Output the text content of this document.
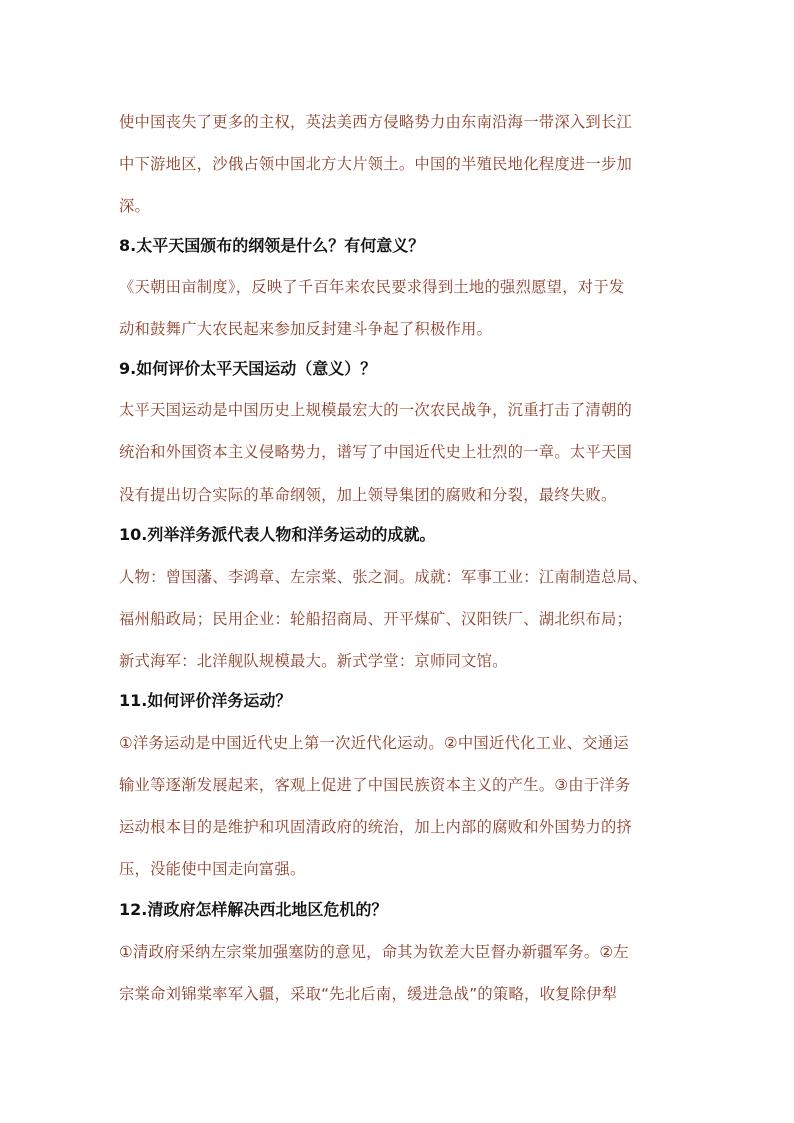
使中国丧失了更多的主权，英法美西方侵略势力由东南沿海一带深入到长江
中下游地区，沙俄占领中国北方大片领土。中国的半殖民地化程度进一步加
深。
8.太平天国颁布的纲领是什么？有何意义？
《天朝田亩制度》，反映了千百年来农民要求得到土地的强烈愿望，对于发
动和鼓舞广大农民起来参加反封建斗争起了积极作用。
9.如何评价太平天国运动（意义）？
太平天国运动是中国历史上规模最宏大的一次农民战争，沉重打击了清朝的
统治和外国资本主义侵略势力，谱写了中国近代史上壮烈的一章。太平天国
没有提出切合实际的革命纲领，加上领导集团的腐败和分裂，最终失败。
10.列举洋务派代表人物和洋务运动的成就。
人物：曾国藩、李鸿章、左宗棠、张之洞。成就：军事工业：江南制造总局、
福州船政局；民用企业：轮船招商局、开平煤矿、汉阳铁厂、湖北织布局；
新式海军：北洋舰队规模最大。新式学堂：京师同文馆。
11.如何评价洋务运动？
①洋务运动是中国近代史上第一次近代化运动。②中国近代化工业、交通运
输业等逐渐发展起来，客观上促进了中国民族资本主义的产生。③由于洋务
运动根本目的是维护和巩固清政府的统治，加上内部的腐败和外国势力的挤
压，没能使中国走向富强。
12.清政府怎样解决西北地区危机的？
①清政府采纳左宗棠加强塞防的意见，命其为钦差大臣督办新疆军务。②左
宗棠命刘锦棠率军入疆，采取“先北后南，缓进急战”的策略，收复除伊犁
